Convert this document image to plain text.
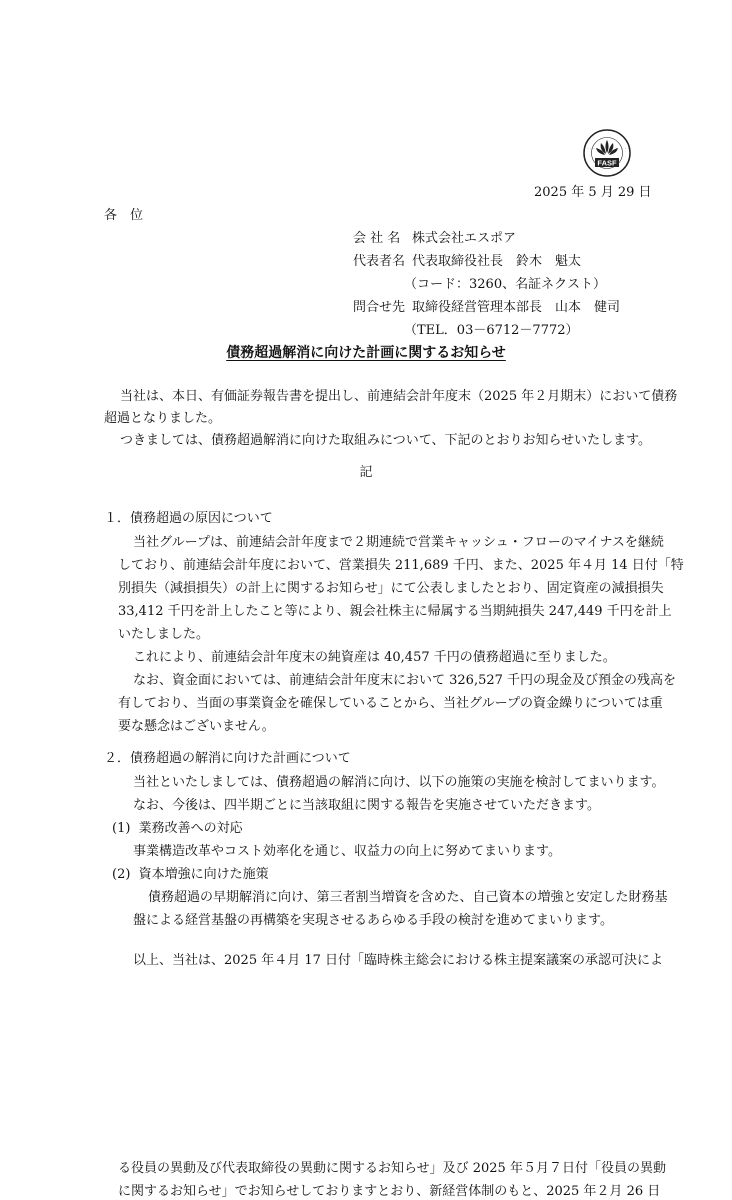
FASF
・・・	・・・
2025 年 5 月 29 日
各　位
会 社 名 株式会社エスポア
代表者名 代表取締役社長　鈴木　魁太
（コード：3260、名証ネクスト）
問合せ先 取締役経営管理本部長　山本　健司
（TEL．03－6712－7772）
債務超過解消に向けた計画に関するお知らせ
当社は、本日、有価証券報告書を提出し、前連結会計年度末（2025 年２月期末）において債務
超過となりました。
つきましては、債務超過解消に向けた取組みについて、下記のとおりお知らせいたします。
記
１．債務超過の原因について
当社グループは、前連結会計年度まで２期連続で営業キャッシュ・フローのマイナスを継続
しており、前連結会計年度において、営業損失 211,689 千円、また、2025 年４月 14 日付「特
別損失（減損損失）の計上に関するお知らせ」にて公表しましたとおり、固定資産の減損損失
33,412 千円を計上したこと等により、親会社株主に帰属する当期純損失 247,449 千円を計上
いたしました。
これにより、前連結会計年度末の純資産は 40,457 千円の債務超過に至りました。
なお、資金面においては、前連結会計年度末において 326,527 千円の現金及び預金の残高を
有しており、当面の事業資金を確保していることから、当社グループの資金繰りについては重
要な懸念はございません。
２．債務超過の解消に向けた計画について
当社といたしましては、債務超過の解消に向け、以下の施策の実施を検討してまいります。
なお、今後は、四半期ごとに当該取組に関する報告を実施させていただきます。
(1)  業務改善への対応
事業構造改革やコスト効率化を通じ、収益力の向上に努めてまいります。
(2)  資本増強に向けた施策
債務超過の早期解消に向け、第三者割当増資を含めた、自己資本の増強と安定した財務基
盤による経営基盤の再構築を実現させるあらゆる手段の検討を進めてまいります。
以上、当社は、2025 年４月 17 日付「臨時株主総会における株主提案議案の承認可決によ
る役員の異動及び代表取締役の異動に関するお知らせ」及び 2025 年５月７日付「役員の異動
に関するお知らせ」でお知らせしておりますとおり、新経営体制のもと、2025 年２月 26 日
